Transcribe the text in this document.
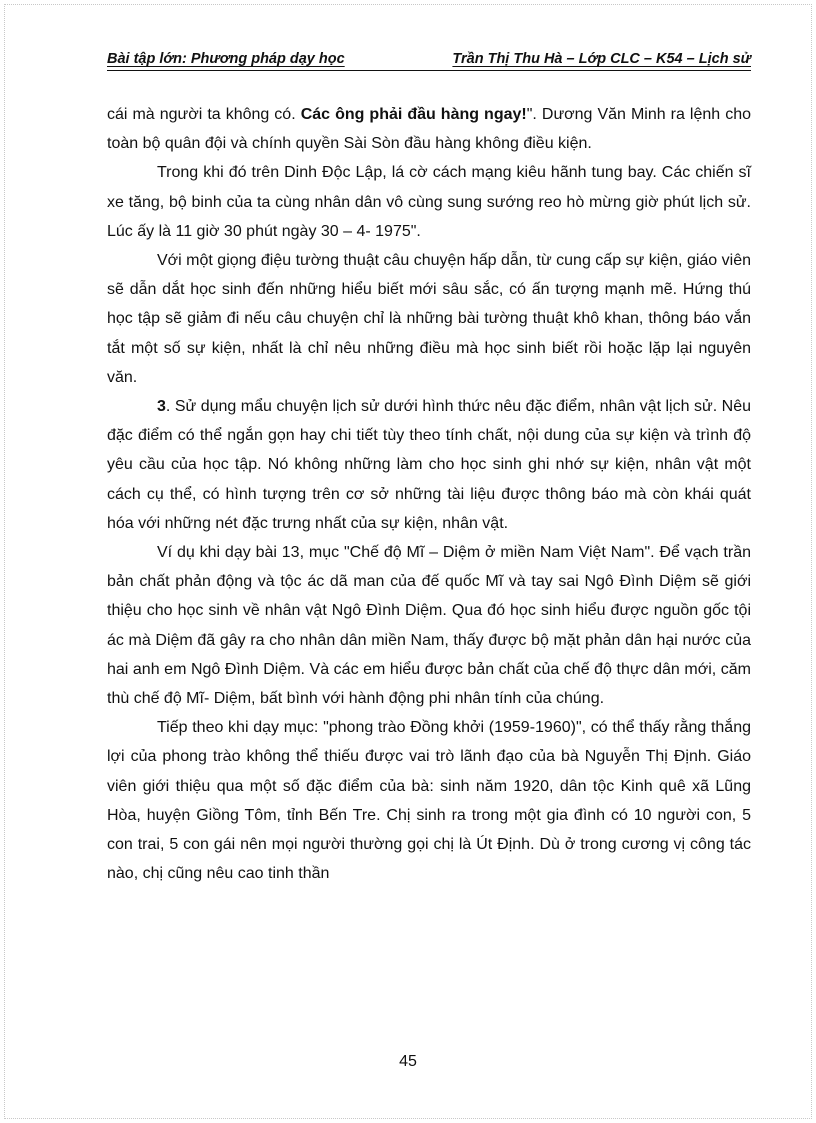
Bài tập lớn: Phương pháp dạy học	Trần Thị Thu Hà – Lớp CLC – K54 – Lịch sử

cái mà người ta không có. Các ông phải đầu hàng ngay!". Dương Văn Minh ra lệnh cho toàn bộ quân đội và chính quyền Sài Sòn đầu hàng không điều kiện.

Trong khi đó trên Dinh Độc Lập, lá cờ cách mạng kiêu hãnh tung bay. Các chiến sĩ xe tăng, bộ binh của ta cùng nhân dân vô cùng sung sướng reo hò mừng giờ phút lịch sử. Lúc ấy là 11 giờ 30 phút ngày 30 – 4- 1975".

Với một giọng điệu tường thuật câu chuyện hấp dẫn, từ cung cấp sự kiện, giáo viên sẽ dẫn dắt học sinh đến những hiểu biết mới sâu sắc, có ấn tượng mạnh mẽ. Hứng thú học tập sẽ giảm đi nếu câu chuyện chỉ là những bài tường thuật khô khan, thông báo vắn tắt một số sự kiện, nhất là chỉ nêu những điều mà học sinh biết rồi hoặc lặp lại nguyên văn.

3. Sử dụng mẩu chuyện lịch sử dưới hình thức nêu đặc điểm, nhân vật lịch sử. Nêu đặc điểm có thể ngắn gọn hay chi tiết tùy theo tính chất, nội dung của sự kiện và trình độ yêu cầu của học tập. Nó không những làm cho học sinh ghi nhớ sự kiện, nhân vật một cách cụ thể, có hình tượng trên cơ sở những tài liệu được thông báo mà còn khái quát hóa với những nét đặc trưng nhất của sự kiện, nhân vật.

Ví dụ khi dạy bài 13, mục "Chế độ Mĩ – Diệm ở miền Nam Việt Nam". Để vạch trần bản chất phản động và tộc ác dã man của đế quốc Mĩ và tay sai Ngô Đình Diệm sẽ giới thiệu cho học sinh về nhân vật Ngô Đình Diệm. Qua đó học sinh hiểu được nguồn gốc tội ác mà Diệm đã gây ra cho nhân dân miền Nam, thấy được bộ mặt phản dân hại nước của hai anh em Ngô Đình Diệm. Và các em hiểu được bản chất của chế độ thực dân mới, căm thù chế độ Mĩ- Diệm, bất bình với hành động phi nhân tính của chúng.

Tiếp theo khi dạy mục: "phong trào Đồng khởi (1959-1960)", có thể thấy rằng thắng lợi của phong trào không thể thiếu được vai trò lãnh đạo của bà Nguyễn Thị Định. Giáo viên giới thiệu qua một số đặc điểm của bà: sinh năm 1920, dân tộc Kinh quê xã Lũng Hòa, huyện Giồng Tôm, tỉnh Bến Tre. Chị sinh ra trong một gia đình có 10 người con, 5 con trai, 5 con gái nên mọi người thường gọi chị là Út Định. Dù ở trong cương vị công tác nào, chị cũng nêu cao tinh thần

45
